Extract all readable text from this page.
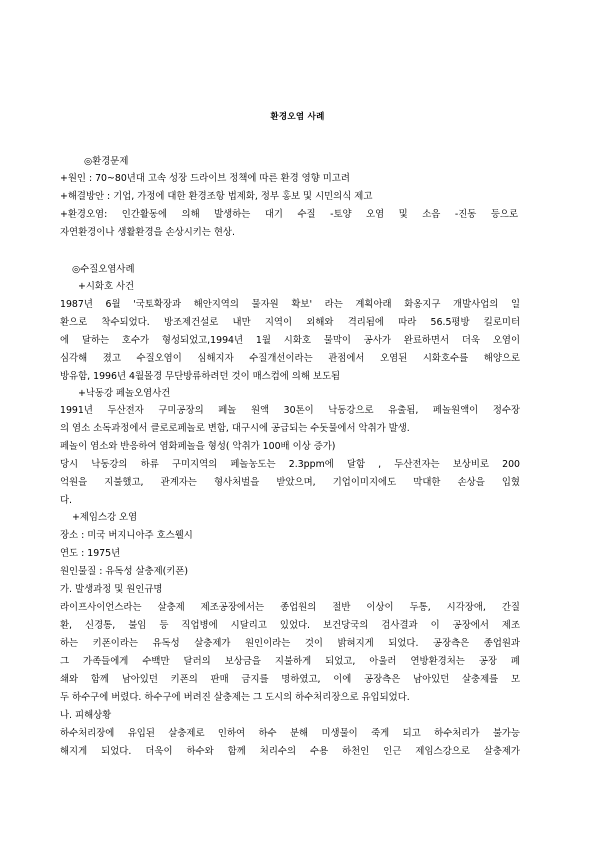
환경오염 사례
◎환경문제
+원인 : 70~80년대 고속 성장 드라이브 정책에 따른 환경 영향 미고려
+해결방안 : 기업, 가정에 대한 환경조항 법제화, 정부 홍보 및 시민의식 제고
+환경오염: 인간활동에 의해 발생하는 대기 수질 -토양 오염 및 소음 -진동 등으로
자연환경이나 생활환경을 손상시키는 현상.
◎수질오염사례
+시화호 사건
1987년 6월 '국토확장과 해안지역의 물자원 확보' 라는 계획아래 화옹지구 개발사업의 일
환으로 착수되었다. 방조제건설로 내만 지역이 외해와 격리됨에 따라 56.5평방 킬로미터
에 달하는 호수가 형성되었고,1994년 1월 시화호 물막이 공사가 완료하면서 더욱 오염이
심각해 졌고 수질오염이 심해지자 수질개선이라는 관점에서 오염된 시화호수를 해양으로
방유함, 1996년 4월몰경 무단방류하려던 것이 매스컴에 의해 보도됨
+낙동강 페놀오염사건
1991년 두산전자 구미공장의 페놀 원액 30톤이 낙동강으로 유출됨, 페놀원액이 정수장
의 염소 소독과정에서 클로로페놀로 변함, 대구시에 공급되는 수돗물에서 악취가 발생.
페놀이 염소와 반응하여 염화페놀을 형성( 악취가 100배 이상 증가)
당시 낙동강의 하류 구미지역의 페놀농도는 2.3ppm에 달함 , 두산전자는 보상비로 200
억원을 지불했고, 관계자는 형사처벌을 받았으며, 기업이미지에도 막대한 손상을 입혔
다.
+제임스강 오염
장소 : 미국 버지니아주 호스웰시
연도 : 1975년
원인물질 : 유독성 살충제(키폰)
가. 발생과정 및 원인규명
라이프사이언스라는 살충제 제조공장에서는 종업원의 절반 이상이 두통, 시각장애, 간질
환, 신경통, 불임 등 직업병에 시달리고 있었다. 보건당국의 검사결과 이 공장에서 제조
하는 키폰이라는 유독성 살충제가 원인이라는 것이 밝혀지게 되었다. 공장측은 종업원과
그 가족들에게 수백만 달러의 보상금을 지불하게 되었고, 아울러 연방환경처는 공장 폐
쇄와 함께 남아있던 키폰의 판매 금지를 명하였고, 이에 공장측은 남아있던 살충제를 모
두 하수구에 버렸다. 하수구에 버려진 살충제는 그 도시의 하수처리장으로 유입되었다.
나. 피해상황
하수처리장에 유입된 살충제로 인하여 하수 분해 미생물이 죽게 되고 하수처리가 불가능
해지게 되었다. 더욱이 하수와 함께 처리수의 수용 하천인 인근 제임스강으로 살충제가
